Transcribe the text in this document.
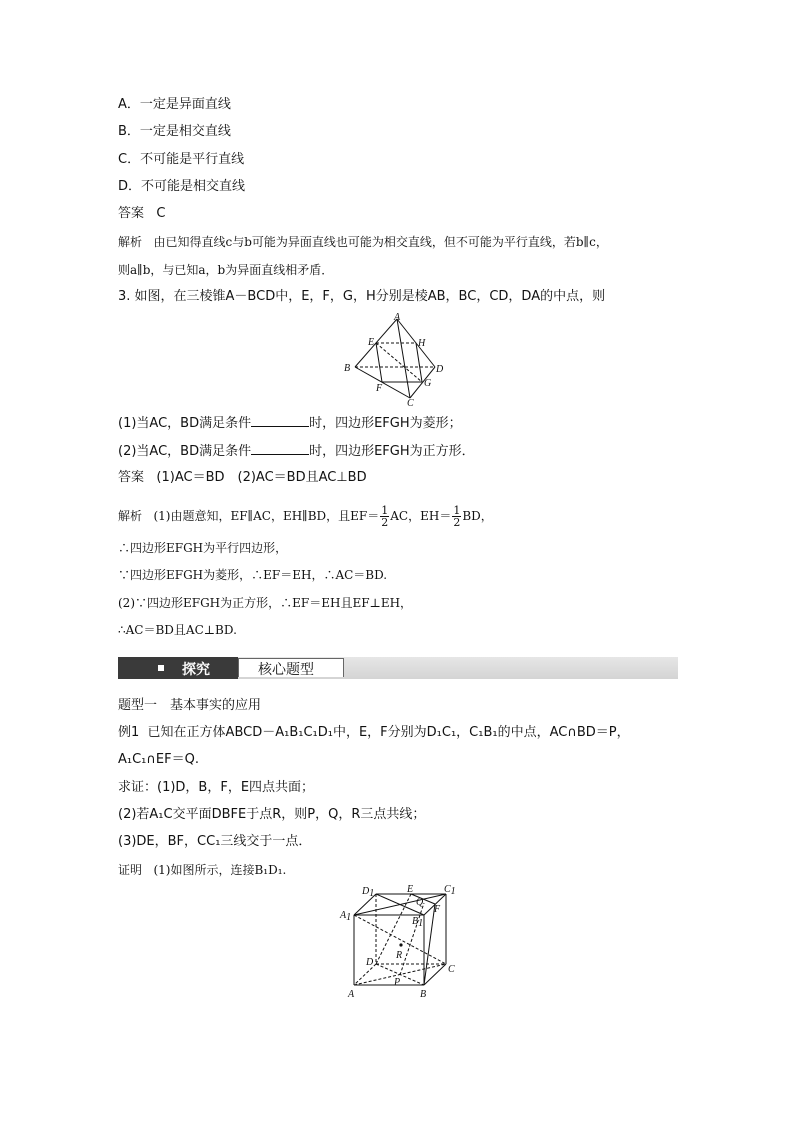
A．一定是异面直线
B．一定是相交直线
C．不可能是平行直线
D．不可能是相交直线
答案 C
解析 由已知得直线c与b可能为异面直线也可能为相交直线，但不可能为平行直线，若b∥c，
则a∥b，与已知a，b为异面直线相矛盾．
3. 如图，在三棱锥A－BCD中，E，F，G，H分别是棱AB，BC，CD，DA的中点，则
A
B
C
D
E
F	G
H
(1)当AC，BD满足条件	时，四边形EFGH为菱形；
(2)当AC，BD满足条件	时，四边形EFGH为正方形．
答案 (1)AC＝BD　(2)AC＝BD且AC⊥BD
解析 (1)由题意知，EF∥AC，EH∥BD，且$EF= \frac{1}{2}$ AC，$EH= \frac{1}{2}$ BD，
∴四边形EFGH为平行四边形，
∵四边形EFGH为菱形，∴EF＝EH，∴AC＝BD.
(2)∵四边形EFGH为正方形，∴EF＝EH且EF⊥EH，
∴AC＝BD且AC⊥BD.
探究	核心题型
题型一　基本事实的应用
例1 已知在正方体ABCD－A₁B₁C₁D₁中，E，F分别为D₁C₁，C₁B₁的中点，AC∩BD＝P，
A₁C₁∩EF＝Q.
求证：(1)D，B，F，E四点共面；
(2)若A₁C交平面DBFE于点R，则P，Q，R三点共线；
(3)DE，BF，CC₁三线交于一点．
证明 (1)如图所示，连接B₁D₁.
D1	E	C1
A1
Q
F
B1
R
D
C
A
P
B
